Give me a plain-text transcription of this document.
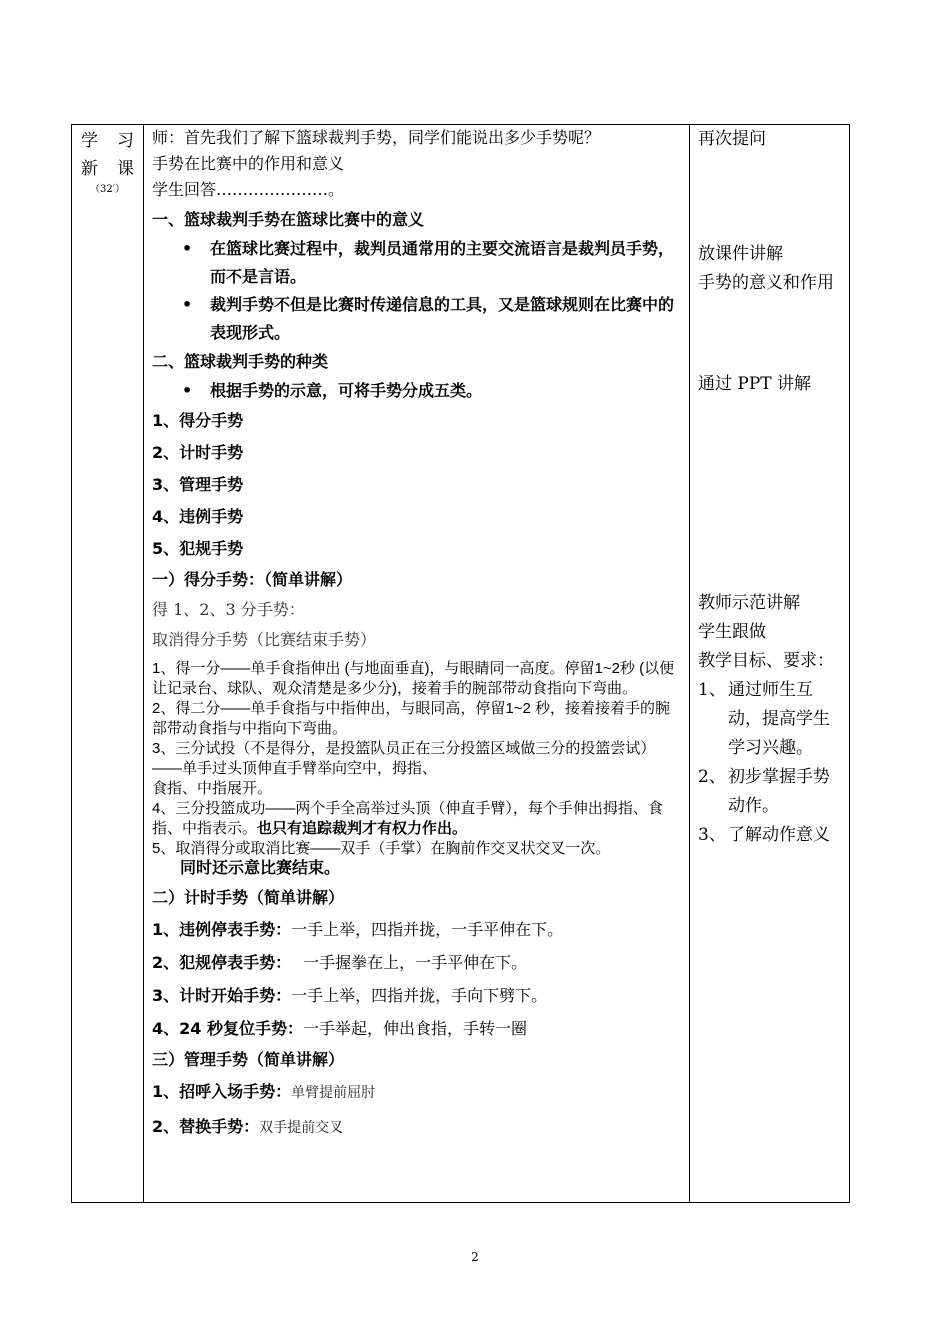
学 习
新 课
（32′）

师：首先我们了解下篮球裁判手势，同学们能说出多少手势呢？
手势在比赛中的作用和意义
学生回答…………………。
一、篮球裁判手势在篮球比赛中的意义
•	在篮球比赛过程中，裁判员通常用的主要交流语言是裁判员手势，而不是言语。
•	裁判手势不但是比赛时传递信息的工具，又是篮球规则在比赛中的表现形式。
二、篮球裁判手势的种类
•	根据手势的示意，可将手势分成五类。
1、得分手势
2、计时手势
3、管理手势
4、违例手势
5、犯规手势
一）得分手势：（简单讲解）
得 1、2、3 分手势：
取消得分手势（比赛结束手势）
1、得一分——单手食指伸出 (与地面垂直)，与眼睛同一高度。停留1~2秒 (以便让记录台、球队、观众清楚是多少分)，接着手的腕部带动食指向下弯曲。
2、得二分——单手食指与中指伸出，与眼同高，停留1~2 秒，接着接着手的腕部带动食指与中指向下弯曲。
3、三分试投（不是得分，是投篮队员正在三分投篮区域做三分的投篮尝试）——单手过头顶伸直手臂举向空中，拇指、
食指、中指展开。
4、三分投篮成功——两个手全高举过头顶（伸直手臂），每个手伸出拇指、食指、中指表示。也只有追踪裁判才有权力作出。
5、取消得分或取消比赛——双手（手掌）在胸前作交叉状交叉一次。
同时还示意比赛结束。
二）计时手势（简单讲解）
1、违例停表手势：一手上举，四指并拢，一手平伸在下。
2、犯规停表手势： 一手握拳在上，一手平伸在下。
3、计时开始手势：一手上举，四指并拢，手向下劈下。
4、24 秒复位手势：一手举起，伸出食指，手转一圈
三）管理手势（简单讲解）
1、招呼入场手势：单臂提前屈肘
2、替换手势：双手提前交叉

再次提问
放课件讲解
手势的意义和作用
通过 PPT 讲解
教师示范讲解
学生跟做
教学目标、要求：
1、 通过师生互动，提高学生学习兴趣。
2、 初步掌握手势动作。
3、 了解动作意义
2
